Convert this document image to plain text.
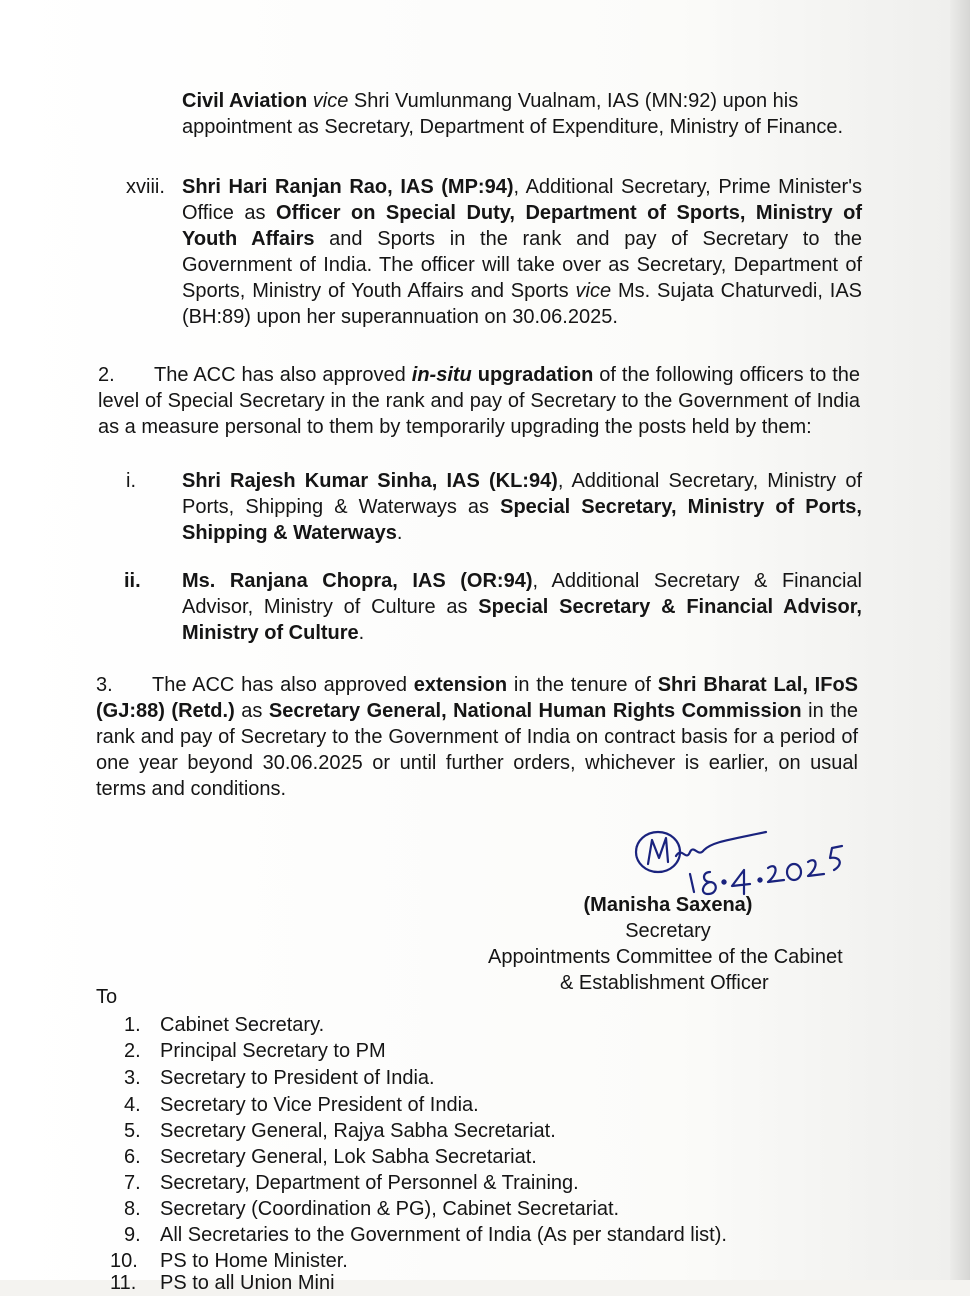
Civil Aviation vice Shri Vumlunmang Vualnam, IAS (MN:92) upon his
appointment as Secretary, Department of Expenditure, Ministry of Finance.
xviii. Shri Hari Ranjan Rao, IAS (MP:94), Additional Secretary, Prime Minister's Office as Officer on Special Duty, Department of Sports, Ministry of Youth Affairs and Sports in the rank and pay of Secretary to the Government of India. The officer will take over as Secretary, Department of Sports, Ministry of Youth Affairs and Sports vice Ms. Sujata Chaturvedi, IAS (BH:89) upon her superannuation on 30.06.2025.
2. The ACC has also approved in-situ upgradation of the following officers to the level of Special Secretary in the rank and pay of Secretary to the Government of India as a measure personal to them by temporarily upgrading the posts held by them:
i. Shri Rajesh Kumar Sinha, IAS (KL:94), Additional Secretary, Ministry of Ports, Shipping & Waterways as Special Secretary, Ministry of Ports, Shipping & Waterways.
ii. Ms. Ranjana Chopra, IAS (OR:94), Additional Secretary & Financial Advisor, Ministry of Culture as Special Secretary & Financial Advisor, Ministry of Culture.
3. The ACC has also approved extension in the tenure of Shri Bharat Lal, IFoS (GJ:88) (Retd.) as Secretary General, National Human Rights Commission in the rank and pay of Secretary to the Government of India on contract basis for a period of one year beyond 30.06.2025 or until further orders, whichever is earlier, on usual terms and conditions.
(Manisha Saxena)
Secretary
Appointments Committee of the Cabinet
& Establishment Officer
To
1. Cabinet Secretary.
2. Principal Secretary to PM
3. Secretary to President of India.
4. Secretary to Vice President of India.
5. Secretary General, Rajya Sabha Secretariat.
6. Secretary General, Lok Sabha Secretariat.
7. Secretary, Department of Personnel & Training.
8. Secretary (Coordination & PG), Cabinet Secretariat.
9. All Secretaries to the Government of India (As per standard list).
10. PS to Home Minister.
11. PS to all Union Mini
